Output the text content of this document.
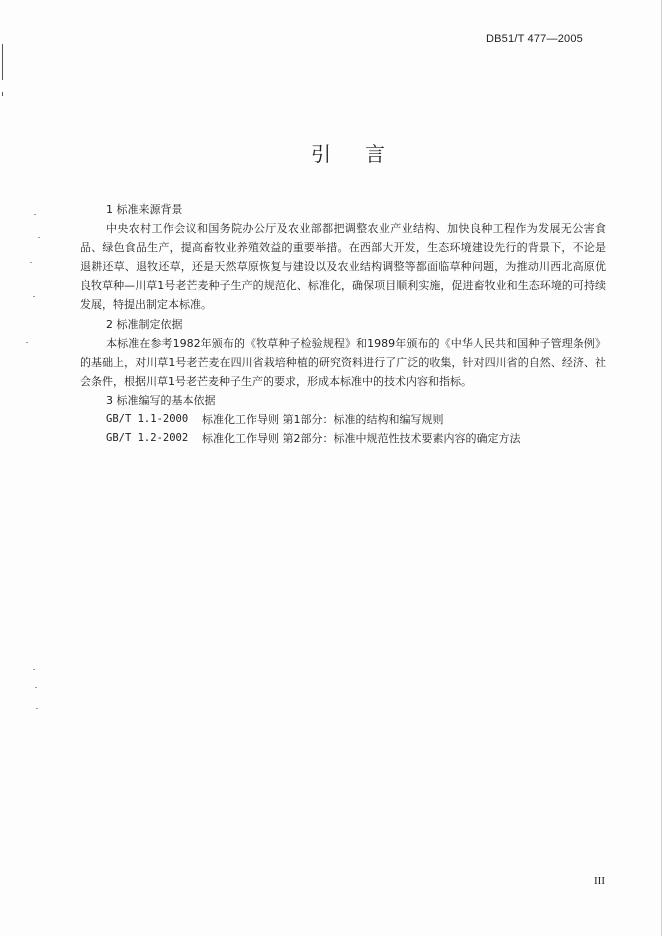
DB51/T 477—2005
引言
1 标准来源背景
中央农村工作会议和国务院办公厅及农业部都把调整农业产业结构、加快良种工程作为发展无公害食品、绿色食品生产，提高畜牧业养殖效益的重要举措。在西部大开发，生态环境建设先行的背景下，不论是退耕还草、退牧还草，还是天然草原恢复与建设以及农业结构调整等都面临草种问题，为推动川西北高原优良牧草种—川草1号老芒麦种子生产的规范化、标准化，确保项目顺利实施，促进畜牧业和生态环境的可持续发展，特提出制定本标准。
2 标准制定依据
本标准在参考1982年颁布的《牧草种子检验规程》和1989年颁布的《中华人民共和国种子管理条例》的基础上，对川草1号老芒麦在四川省栽培种植的研究资料进行了广泛的收集，针对四川省的自然、经济、社会条件，根据川草1号老芒麦种子生产的要求，形成本标准中的技术内容和指标。
3 标准编写的基本依据
GB/T 1.1-2000	标准化工作导则 第1部分：标准的结构和编写规则
GB/T 1.2-2002	标准化工作导则 第2部分：标准中规范性技术要素内容的确定方法
III
